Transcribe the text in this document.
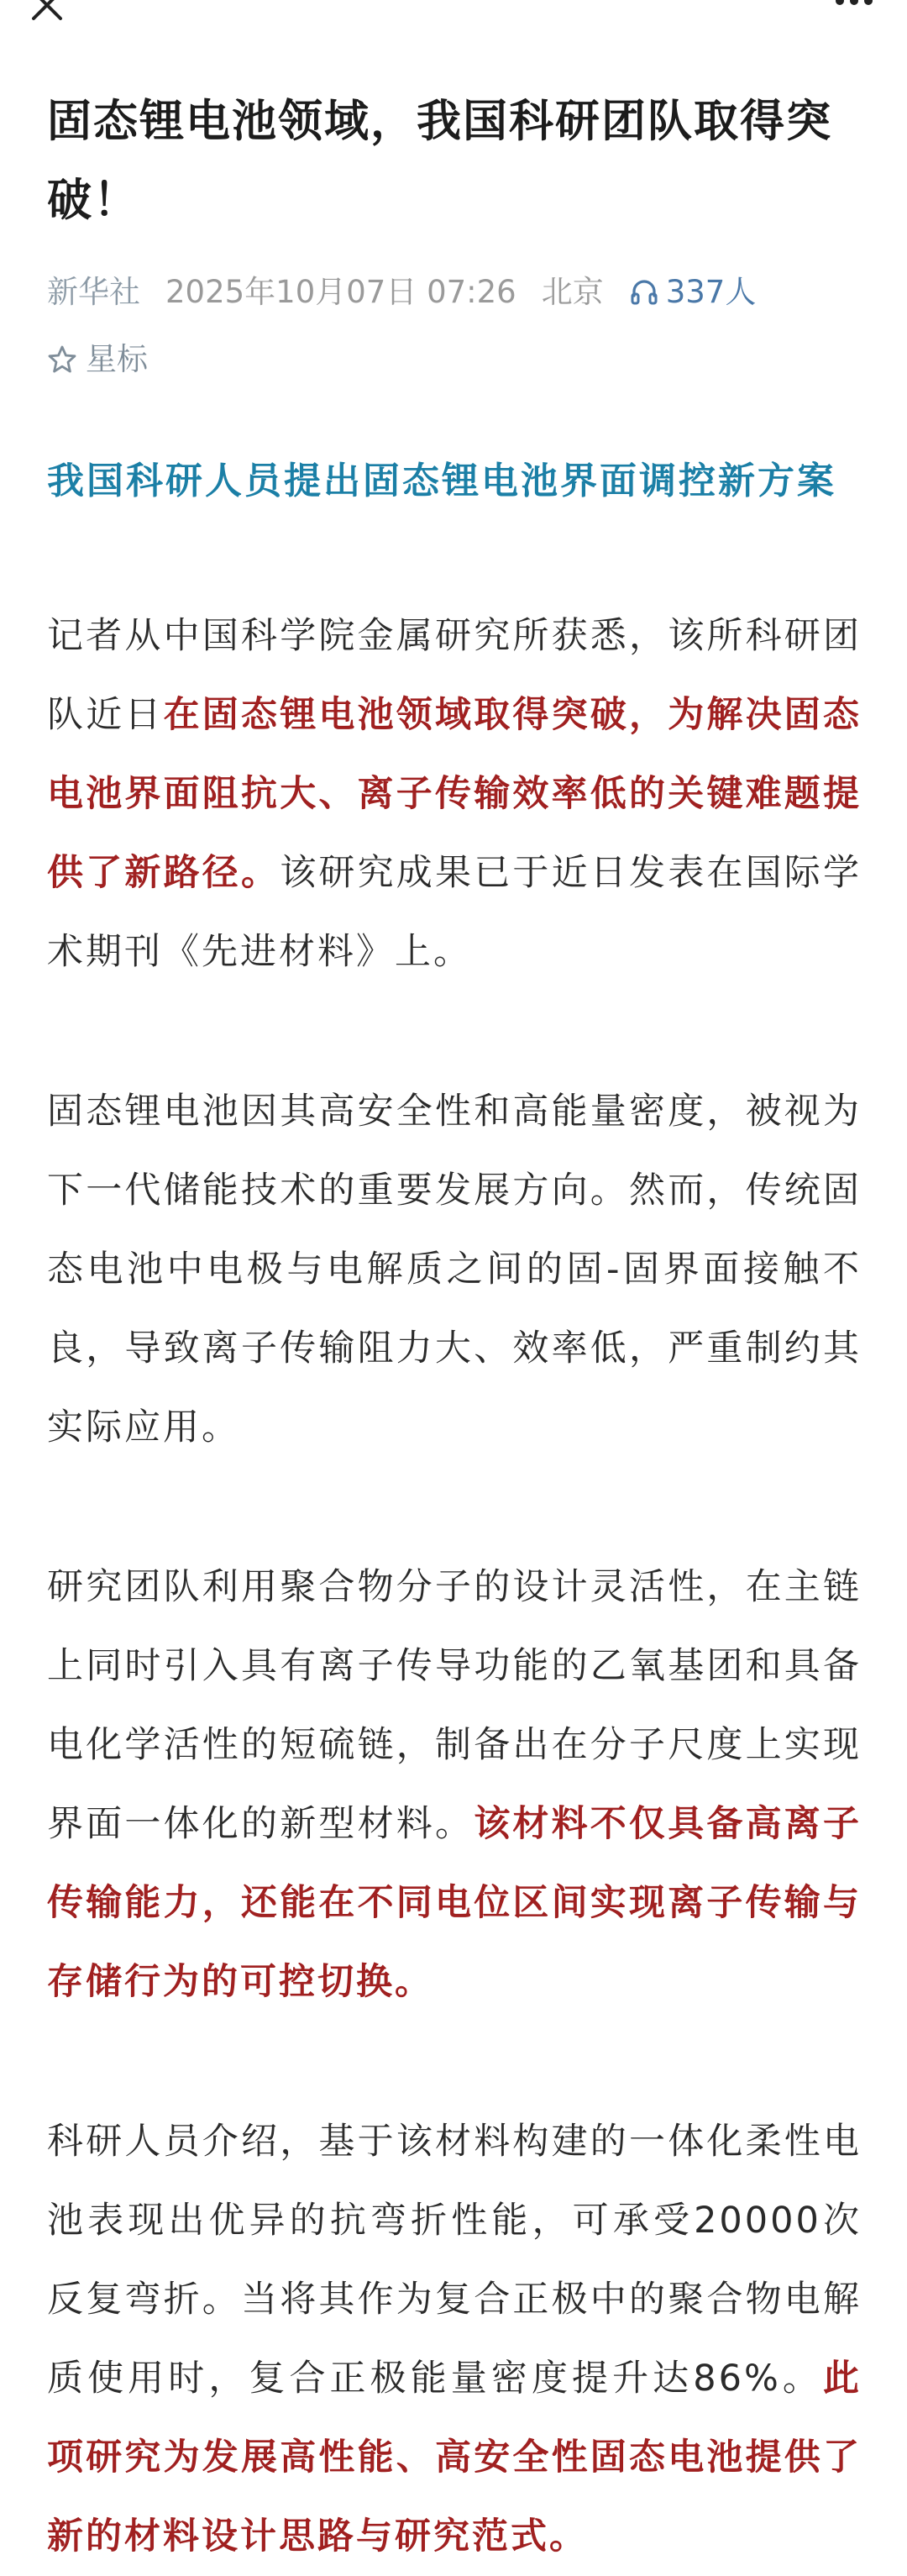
固态锂电池领域，我国科研团队取得突破！
新华社 2025年10月07日 07:26 北京 337人
星标
我国科研人员提出固态锂电池界面调控新方案

记者从中国科学院金属研究所获悉，该所科研团队近日在固态锂电池领域取得突破，为解决固态电池界面阻抗大、离子传输效率低的关键难题提供了新路径。该研究成果已于近日发表在国际学术期刊《先进材料》上。

固态锂电池因其高安全性和高能量密度，被视为下一代储能技术的重要发展方向。然而，传统固态电池中电极与电解质之间的固-固界面接触不良，导致离子传输阻力大、效率低，严重制约其实际应用。

研究团队利用聚合物分子的设计灵活性，在主链上同时引入具有离子传导功能的乙氧基团和具备电化学活性的短硫链，制备出在分子尺度上实现界面一体化的新型材料。该材料不仅具备高离子传输能力，还能在不同电位区间实现离子传输与存储行为的可控切换。

科研人员介绍，基于该材料构建的一体化柔性电池表现出优异的抗弯折性能，可承受20000次反复弯折。当将其作为复合正极中的聚合物电解质使用时，复合正极能量密度提升达86%。此项研究为发展高性能、高安全性固态电池提供了新的材料设计思路与研究范式。
